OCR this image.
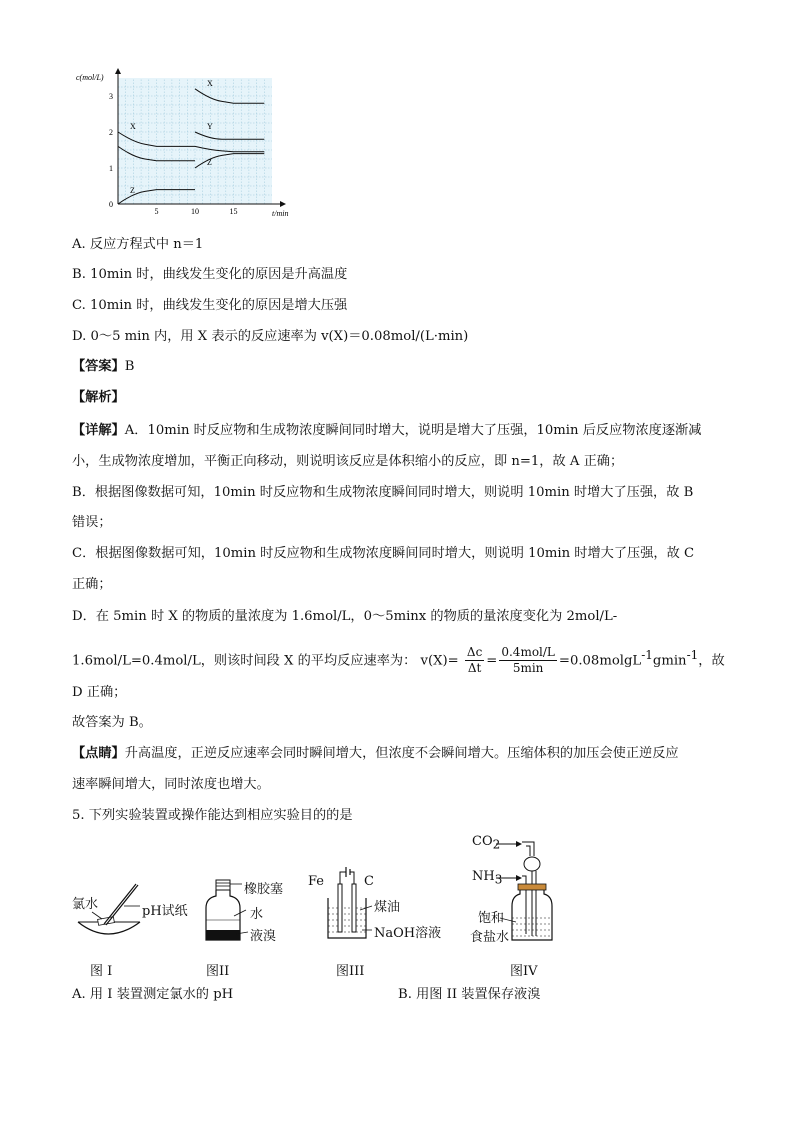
c(mol/L)
t/min
5	10	15
0
1
2
3
X
Z
X
Y
Z
A. 反应方程式中 n＝1
B. 10min 时，曲线发生变化的原因是升高温度
C. 10min 时，曲线发生变化的原因是增大压强
D. 0～5 min 内，用 X 表示的反应速率为 v(X)＝0.08mol/(L·min)
【答案】B
【解析】
【详解】A．10min 时反应物和生成物浓度瞬间同时增大，说明是增大了压强，10min 后反应物浓度逐渐减
小，生成物浓度增加，平衡正向移动，则说明该反应是体积缩小的反应，即 n=1，故 A 正确；
B．根据图像数据可知，10min 时反应物和生成物浓度瞬间同时增大，则说明 10min 时增大了压强，故 B
错误；
C．根据图像数据可知，10min 时反应物和生成物浓度瞬间同时增大，则说明 10min 时增大了压强，故 C
正确；
D．在 5min 时 X 的物质的量浓度为 1.6mol/L，0～5minx 的物质的量浓度变化为 2mol/L-
1.6mol/L=0.4mol/L，则该时间段 X 的平均反应速率为： $v(X)= \frac{\Delta c}{\Delta t} = \frac{\text{0.4mol/L}}{5\min} =0.08molgL^{-1}gmin^{-1}$，故
D 正确；
故答案为 B。
【点睛】升高温度，正逆反应速率会同时瞬间增大，但浓度不会瞬间增大。压缩体积的加压会使正逆反应
速率瞬间增大，同时浓度也增大。
5. 下列实验装置或操作能达到相应实验目的的是
氯水	pH试纸
图 I
橡胶塞
水
液溴
图II
Fe	C
煤油
NaOH溶液
图III
$CO_2$
$NH_3$
饱和
食盐水
图IV
A. 用 I 装置测定氯水的 pH	B. 用图 II 装置保存液溴
